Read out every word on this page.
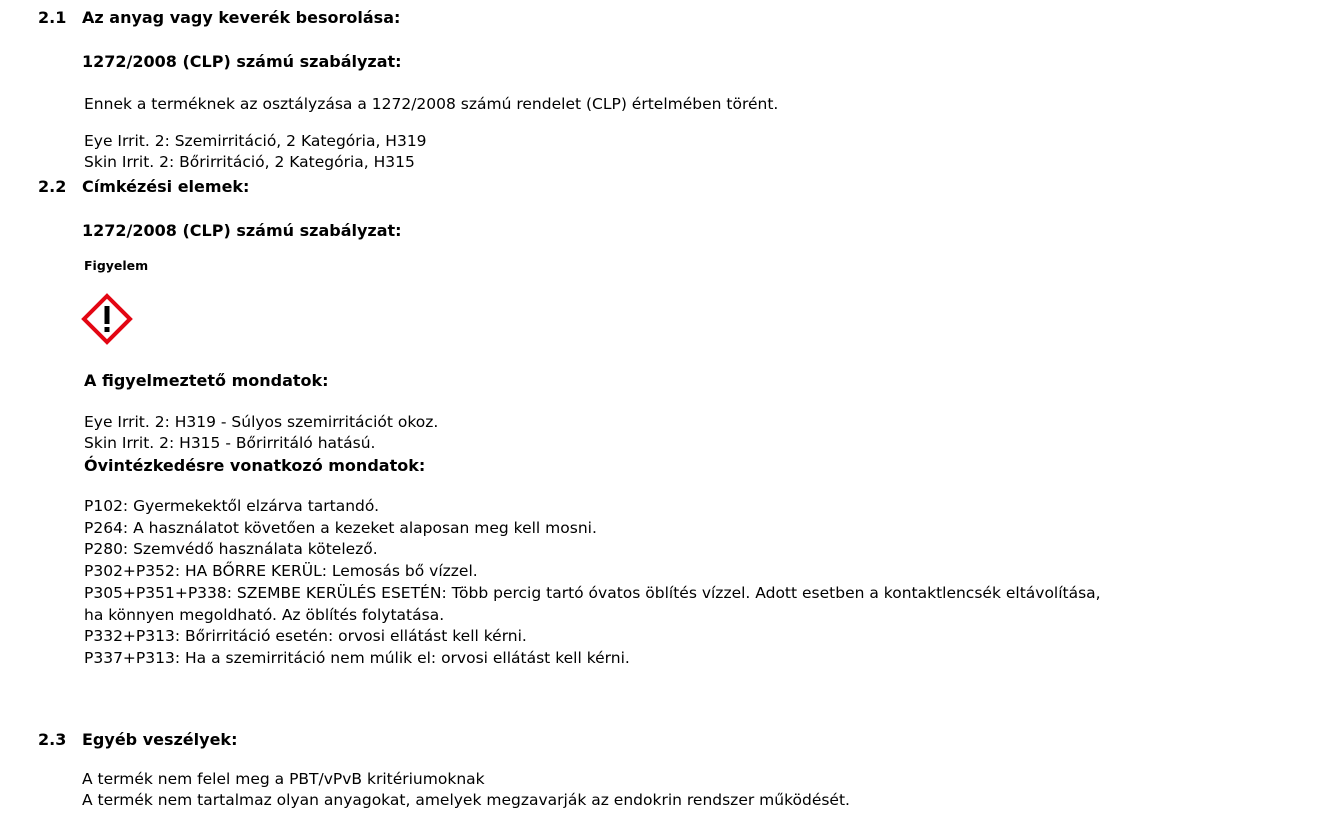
2.1 Az anyag vagy keverék besorolása:
1272/2008 (CLP) számú szabályzat:
Ennek a terméknek az osztályzása a 1272/2008 számú rendelet (CLP) értelmében törént.
Eye Irrit. 2: Szemirritáció, 2 Kategória, H319
Skin Irrit. 2: Bőrirritáció, 2 Kategória, H315
2.2 Címkézési elemek:
1272/2008 (CLP) számú szabályzat:
Figyelem
A figyelmeztető mondatok:
Eye Irrit. 2: H319 - Súlyos szemirritációt okoz.
Skin Irrit. 2: H315 - Bőrirritáló hatású.
Óvintézkedésre vonatkozó mondatok:
P102: Gyermekektől elzárva tartandó.
P264: A használatot követően a kezeket alaposan meg kell mosni.
P280: Szemvédő használata kötelező.
P302+P352: HA BŐRRE KERÜL: Lemosás bő vízzel.
P305+P351+P338: SZEMBE KERÜLÉS ESETÉN: Több percig tartó óvatos öblítés vízzel. Adott esetben a kontaktlencsék eltávolítása,
ha könnyen megoldható. Az öblítés folytatása.
P332+P313: Bőrirritáció esetén: orvosi ellátást kell kérni.
P337+P313: Ha a szemirritáció nem múlik el: orvosi ellátást kell kérni.
2.3 Egyéb veszélyek:
A termék nem felel meg a PBT/vPvB kritériumoknak
A termék nem tartalmaz olyan anyagokat, amelyek megzavarják az endokrin rendszer működését.
